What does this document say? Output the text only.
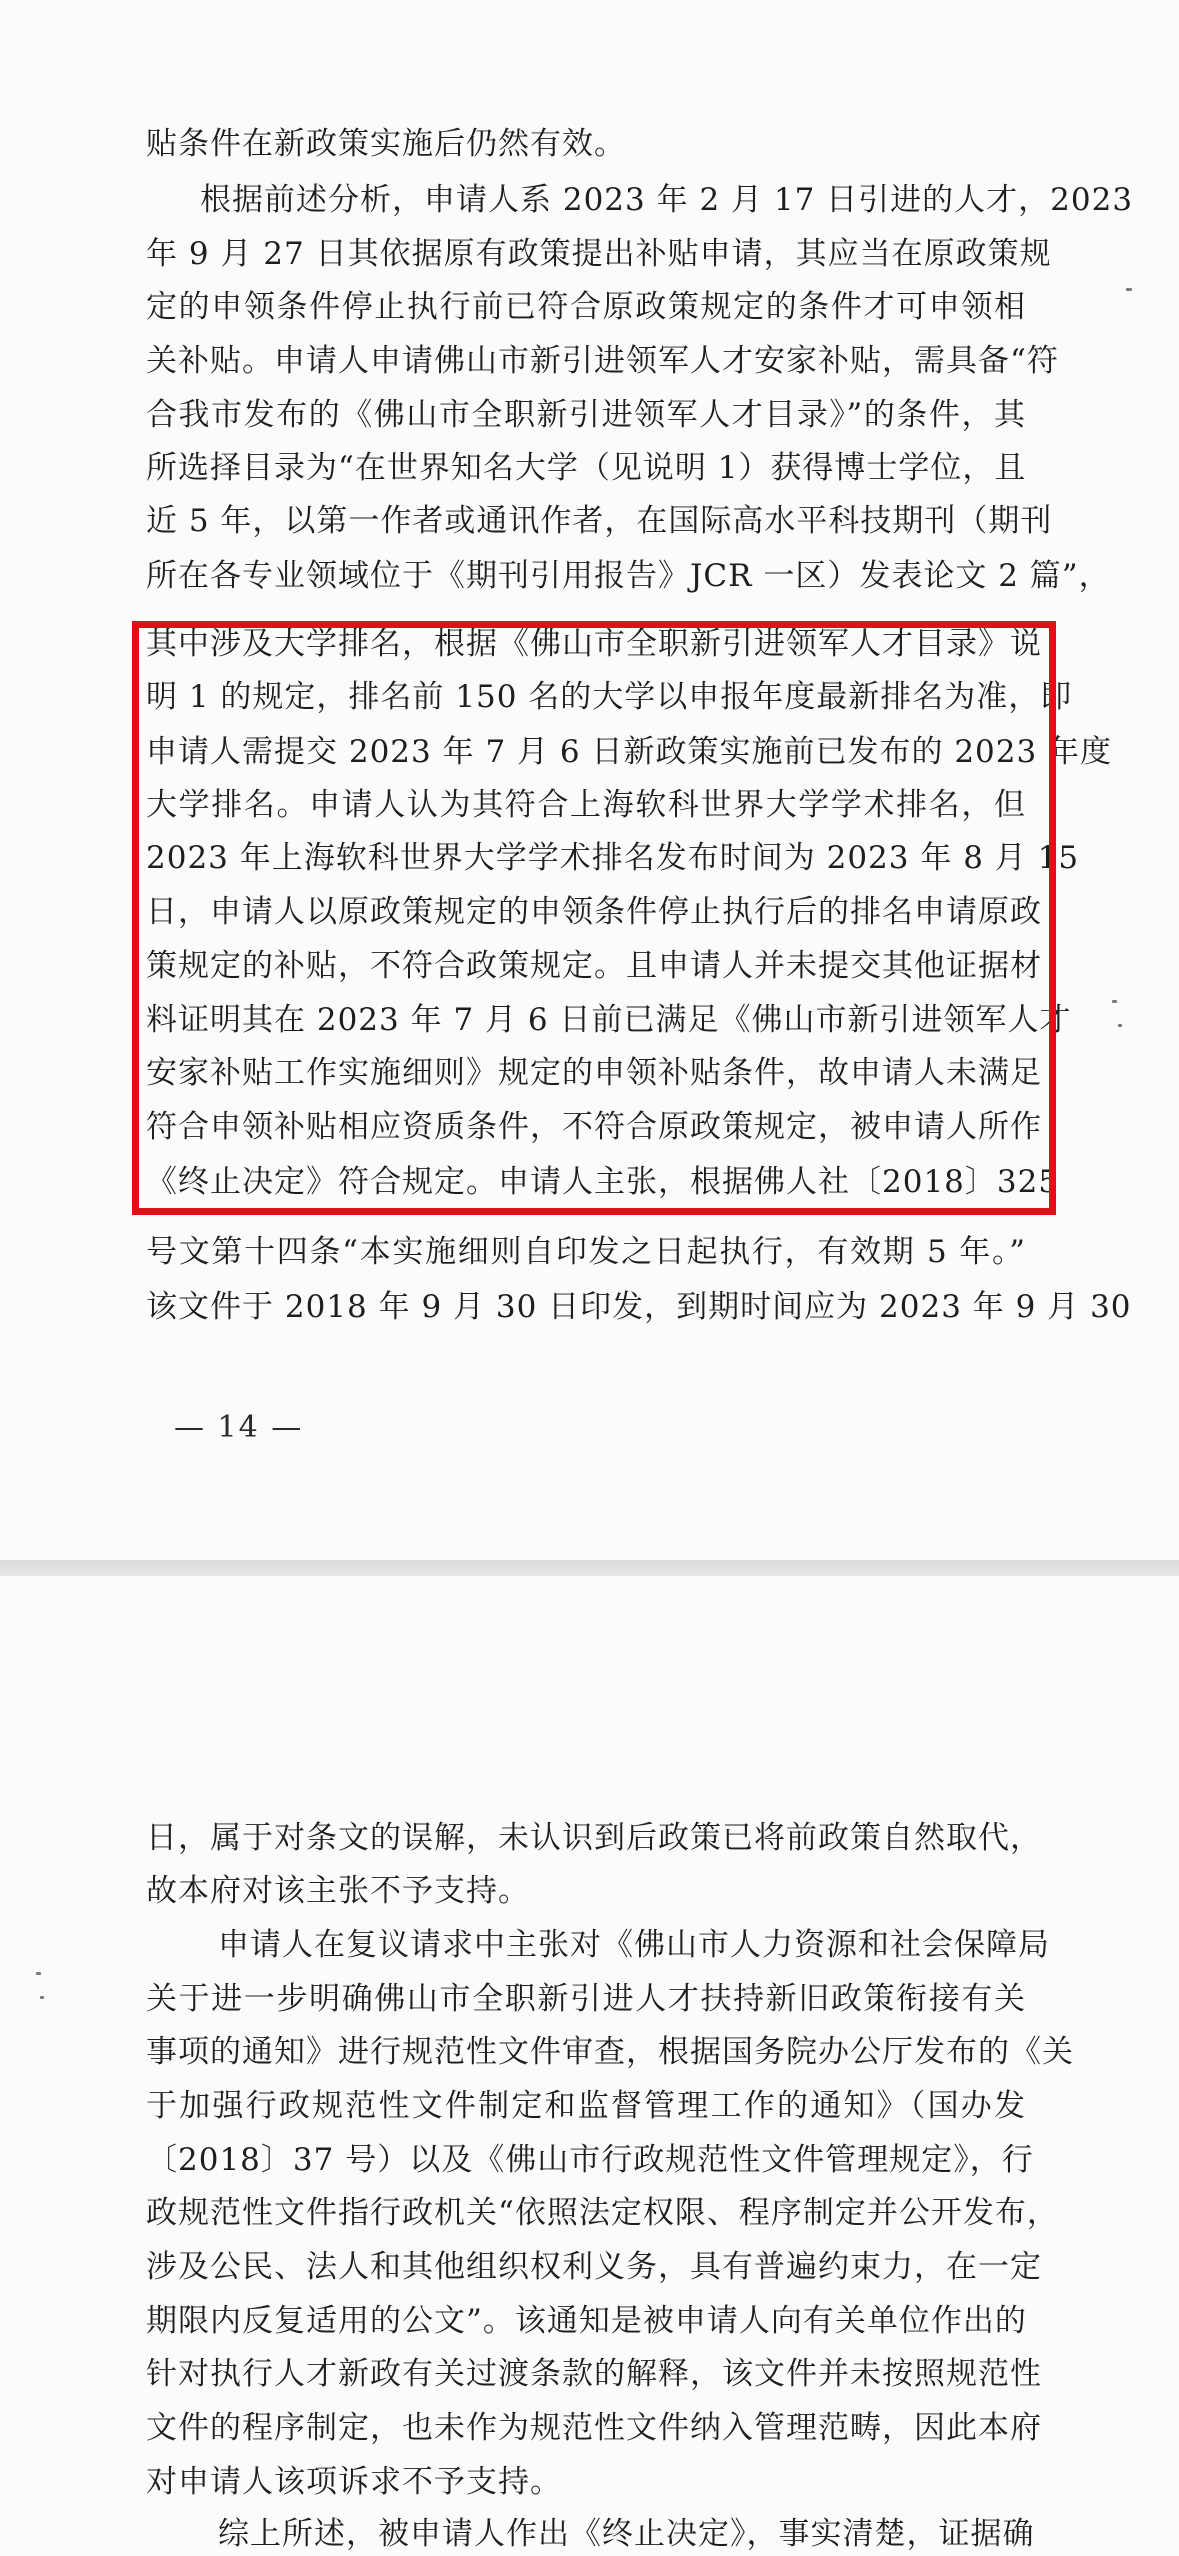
贴条件在新政策实施后仍然有效。
根据前述分析，申请人系 2023 年 2 月 17 日引进的人才，2023
年 9 月 27 日其依据原有政策提出补贴申请，其应当在原政策规
定的申领条件停止执行前已符合原政策规定的条件才可申领相
关补贴。申请人申请佛山市新引进领军人才安家补贴，需具备“符
合我市发布的《佛山市全职新引进领军人才目录》”的条件，其
所选择目录为“在世界知名大学（见说明 1）获得博士学位，且
近 5 年，以第一作者或通讯作者，在国际高水平科技期刊（期刊
所在各专业领域位于《期刊引用报告》JCR 一区）发表论文 2 篇”，
其中涉及大学排名，根据《佛山市全职新引进领军人才目录》说
明 1 的规定，排名前 150 名的大学以申报年度最新排名为准，即
申请人需提交 2023 年 7 月 6 日新政策实施前已发布的 2023 年度
大学排名。申请人认为其符合上海软科世界大学学术排名，但
2023 年上海软科世界大学学术排名发布时间为 2023 年 8 月 15
日，申请人以原政策规定的申领条件停止执行后的排名申请原政
策规定的补贴，不符合政策规定。且申请人并未提交其他证据材
料证明其在 2023 年 7 月 6 日前已满足《佛山市新引进领军人才
安家补贴工作实施细则》规定的申领补贴条件，故申请人未满足
符合申领补贴相应资质条件，不符合原政策规定，被申请人所作
《终止决定》符合规定。申请人主张，根据佛人社〔2018〕325
号文第十四条“本实施细则自印发之日起执行，有效期 5 年。”
该文件于 2018 年 9 月 30 日印发，到期时间应为 2023 年 9 月 30
— 14 —
日，属于对条文的误解，未认识到后政策已将前政策自然取代，
故本府对该主张不予支持。
申请人在复议请求中主张对《佛山市人力资源和社会保障局
关于进一步明确佛山市全职新引进人才扶持新旧政策衔接有关
事项的通知》进行规范性文件审查，根据国务院办公厅发布的《关
于加强行政规范性文件制定和监督管理工作的通知》（国办发
〔2018〕37 号）以及《佛山市行政规范性文件管理规定》，行
政规范性文件指行政机关“依照法定权限、程序制定并公开发布，
涉及公民、法人和其他组织权利义务，具有普遍约束力，在一定
期限内反复适用的公文”。该通知是被申请人向有关单位作出的
针对执行人才新政有关过渡条款的解释，该文件并未按照规范性
文件的程序制定，也未作为规范性文件纳入管理范畴，因此本府
对申请人该项诉求不予支持。
综上所述，被申请人作出《终止决定》，事实清楚，证据确
